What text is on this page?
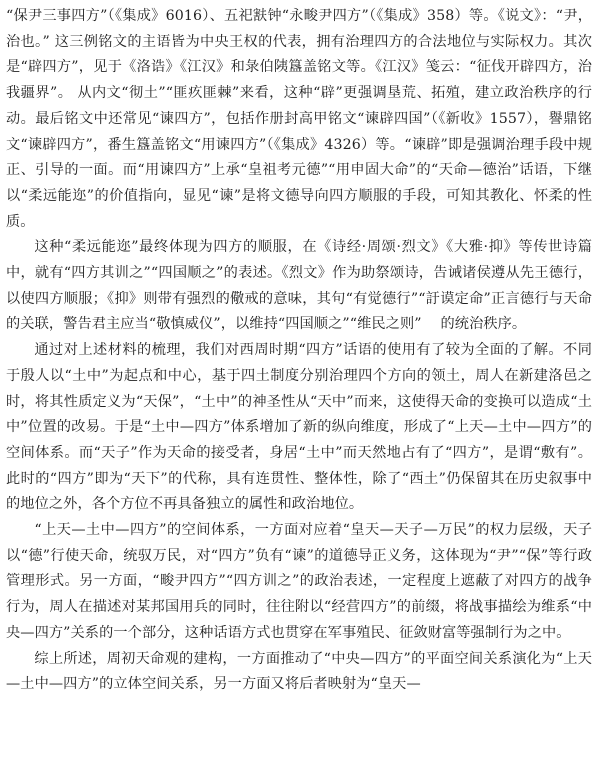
“保尹三事四方”（《集成》6016）、五祀㝬钟“永畯尹四方”（《集成》358）等。《说文》：“尹，治也。” 这三例铭文的主语皆为中央王权的代表，拥有治理四方的合法地位与实际权力。其次是“辟四方”，见于《洛诰》《江汉》和彔伯䧅簋盖铭文等。《江汉》笺云：“征伐开辟四方，治我疆界”。 从内文“彻土”“匪疚匪棘”来看，这种“辟”更强调垦荒、拓殖，建立政治秩序的行动。最后铭文中还常见“谏四方”，包括作册封高甲铭文“谏辟四国”（《新收》1557），譽鼎铭文“谏辟四方”，番生簋盖铭文“用谏四方”（《集成》4326）等。“谏辟”即是强调治理手段中规正、引导的一面。而“用谏四方”上承“皇祖考元德”“用申固大命”的“天命—德治”话语，下继以“柔远能迩”的价值指向，显见“谏”是将文德导向四方顺服的手段，可知其教化、怀柔的性质。

这种“柔远能迩”最终体现为四方的顺服，在《诗经·周颂·烈文》《大雅·抑》等传世诗篇中，就有“四方其训之”“四国顺之”的表述。《烈文》作为助祭颂诗，告诫诸侯遵从先王德行，以使四方顺服；《抑》则带有强烈的儆戒的意味，其句“有觉德行”“訏谟定命”正言德行与天命的关联，警告君主应当“敬慎威仪”，以维持“四国顺之”“维民之则”　 的统治秩序。

通过对上述材料的梳理，我们对西周时期“四方”话语的使用有了较为全面的了解。不同于殷人以“土中”为起点和中心，基于四土制度分别治理四个方向的领土，周人在新建洛邑之时，将其性质定义为“天保”，“土中”的神圣性从“天中”而来，这使得天命的变换可以造成“土中”位置的改易。于是“土中—四方”体系增加了新的纵向维度，形成了“上天—土中—四方”的空间体系。而“天子”作为天命的接受者，身居“土中”而天然地占有了“四方”，是谓“敷有”。此时的“四方”即为“天下”的代称，具有连贯性、整体性，除了“西土”仍保留其在历史叙事中的地位之外，各个方位不再具备独立的属性和政治地位。

“上天—土中—四方”的空间体系，一方面对应着“皇天—天子—万民”的权力层级，天子以“德”行使天命，统驭万民，对“四方”负有“谏”的道德导正义务，这体现为“尹”“保”等行政管理形式。另一方面，“畯尹四方”“四方训之”的政治表述，一定程度上遮蔽了对四方的战争行为，周人在描述对某邦国用兵的同时，往往附以“经营四方”的前缀，将战事描绘为维系“中央—四方”关系的一个部分，这种话语方式也贯穿在军事殖民、征敛财富等强制行为之中。

综上所述，周初天命观的建构，一方面推动了“中央—四方”的平面空间关系演化为“上天—土中—四方”的立体空间关系，另一方面又将后者映射为“皇天—
